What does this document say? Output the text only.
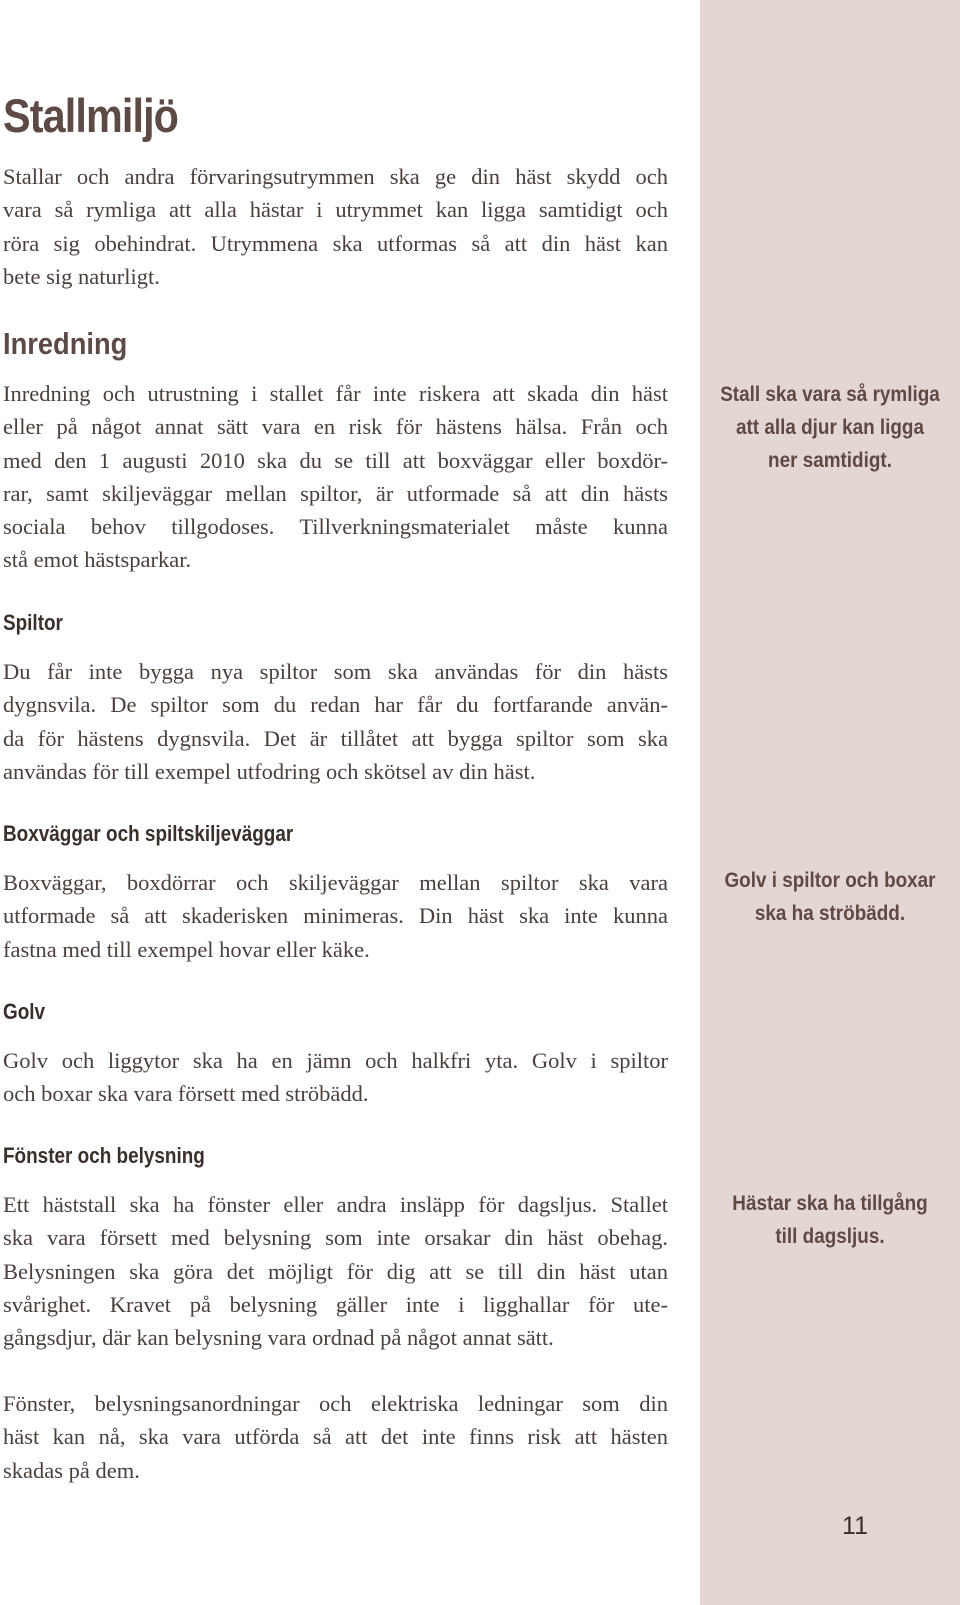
Stall ska vara så rymliga
att alla djur kan ligga
ner samtidigt.
Golv i spiltor och boxar
ska ha ströbädd.
Hästar ska ha tillgång
till dagsljus.
11
Stallmiljö
Stallar och andra förvaringsutrymmen ska ge din häst skydd och
vara så rymliga att alla hästar i utrymmet kan ligga samtidigt och
röra sig obehindrat. Utrymmena ska utformas så att din häst kan
bete sig naturligt.
Inredning
Inredning och utrustning i stallet får inte riskera att skada din häst
eller på något annat sätt vara en risk för hästens hälsa. Från och
med den 1 augusti 2010 ska du se till att boxväggar eller boxdör-
rar, samt skiljeväggar mellan spiltor, är utformade så att din hästs
sociala behov tillgodoses. Tillverkningsmaterialet måste kunna
stå emot hästsparkar.
Spiltor
Du får inte bygga nya spiltor som ska användas för din hästs
dygnsvila. De spiltor som du redan har får du fortfarande använ-
da för hästens dygnsvila. Det är tillåtet att bygga spiltor som ska
användas för till exempel utfodring och skötsel av din häst.
Boxväggar och spiltskiljeväggar
Boxväggar, boxdörrar och skiljeväggar mellan spiltor ska vara
utformade så att skaderisken minimeras. Din häst ska inte kunna
fastna med till exempel hovar eller käke.
Golv
Golv och liggytor ska ha en jämn och halkfri yta. Golv i spiltor
och boxar ska vara försett med ströbädd.
Fönster och belysning
Ett häststall ska ha fönster eller andra insläpp för dagsljus. Stallet
ska vara försett med belysning som inte orsakar din häst obehag.
Belysningen ska göra det möjligt för dig att se till din häst utan
svårighet. Kravet på belysning gäller inte i ligghallar för ute-
gångsdjur, där kan belysning vara ordnad på något annat sätt.
Fönster, belysningsanordningar och elektriska ledningar som din
häst kan nå, ska vara utförda så att det inte finns risk att hästen
skadas på dem.
